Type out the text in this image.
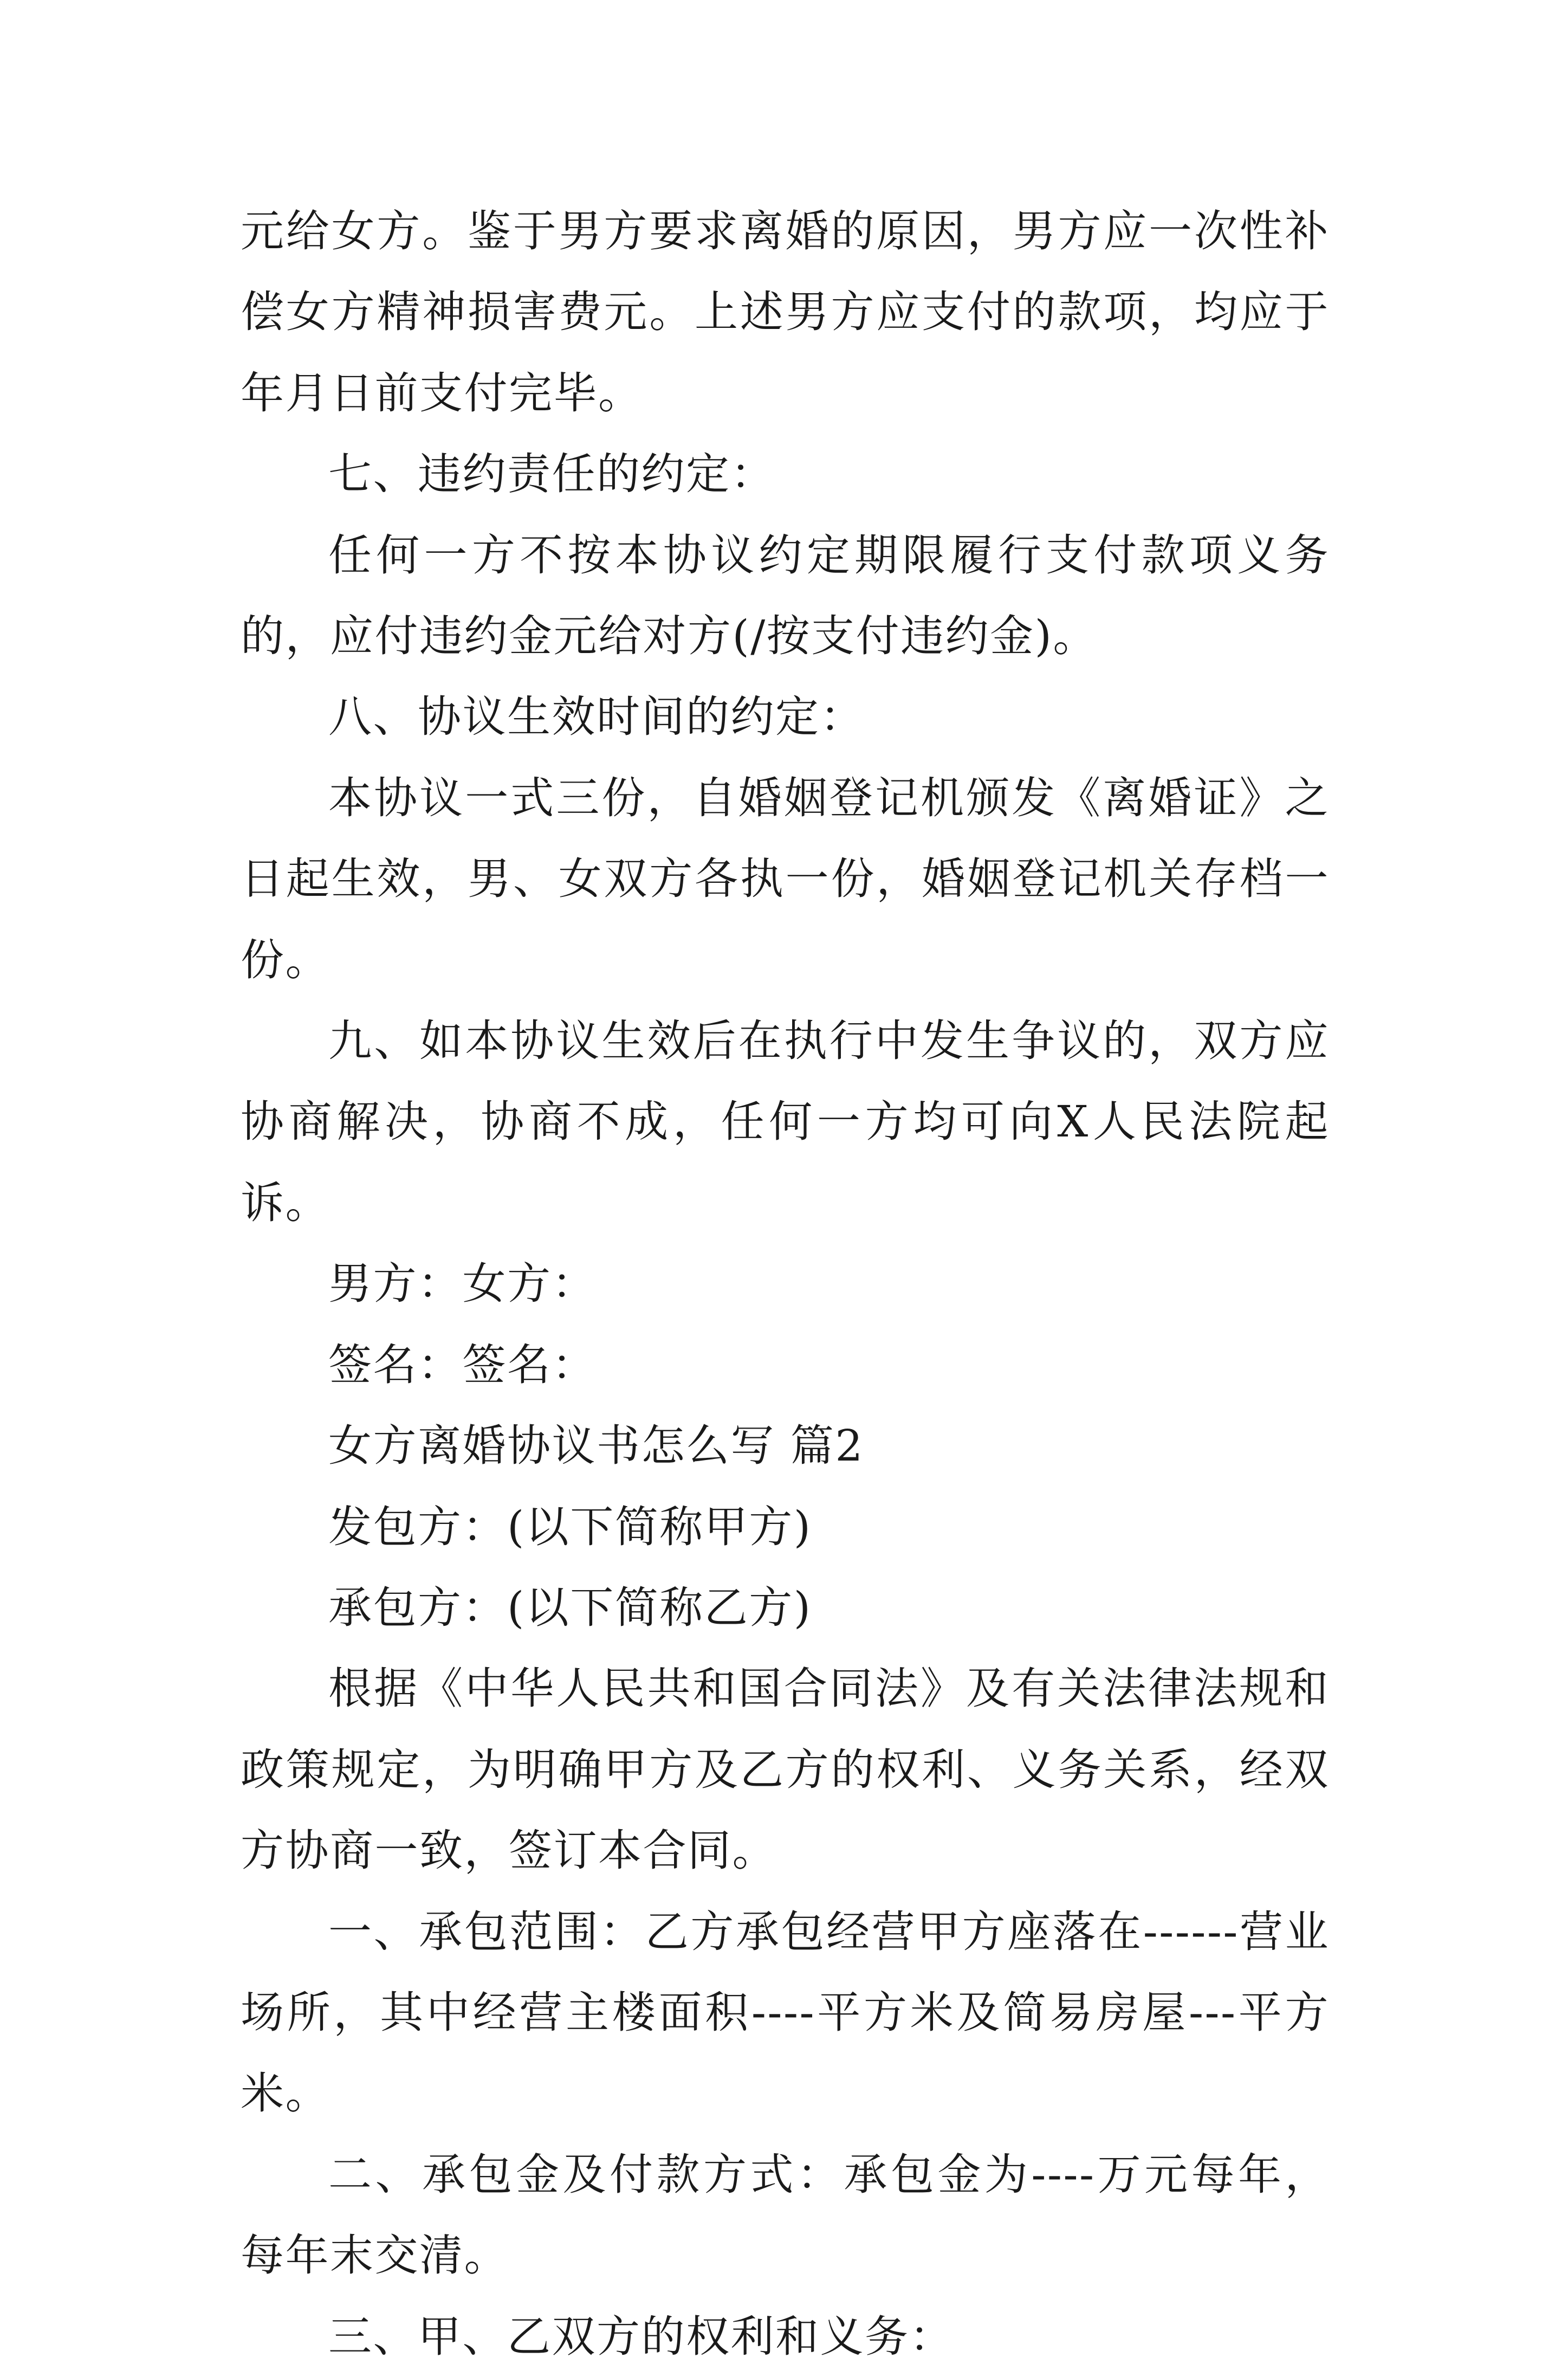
元给女方。鉴于男方要求离婚的原因，男方应一次性补偿女方精神损害费元。上述男方应支付的款项，均应于年月日前支付完毕。

七、违约责任的约定：

任何一方不按本协议约定期限履行支付款项义务的，应付违约金元给对方(/按支付违约金)。

八、协议生效时间的约定：

本协议一式三份，自婚姻登记机颁发《离婚证》之日起生效，男、女双方各执一份，婚姻登记机关存档一份。

九、如本协议生效后在执行中发生争议的，双方应协商解决，协商不成，任何一方均可向X人民法院起诉。

男方：女方：

签名：签名：

女方离婚协议书怎么写 篇2

发包方：(以下简称甲方)

承包方：(以下简称乙方)

根据《中华人民共和国合同法》及有关法律法规和政策规定，为明确甲方及乙方的权利、义务关系，经双方协商一致，签订本合同。

一、承包范围：乙方承包经营甲方座落在------营业场所，其中经营主楼面积----平方米及简易房屋---平方米。

二、承包金及付款方式：承包金为----万元每年，每年末交清。

三、甲、乙双方的权利和义务：
